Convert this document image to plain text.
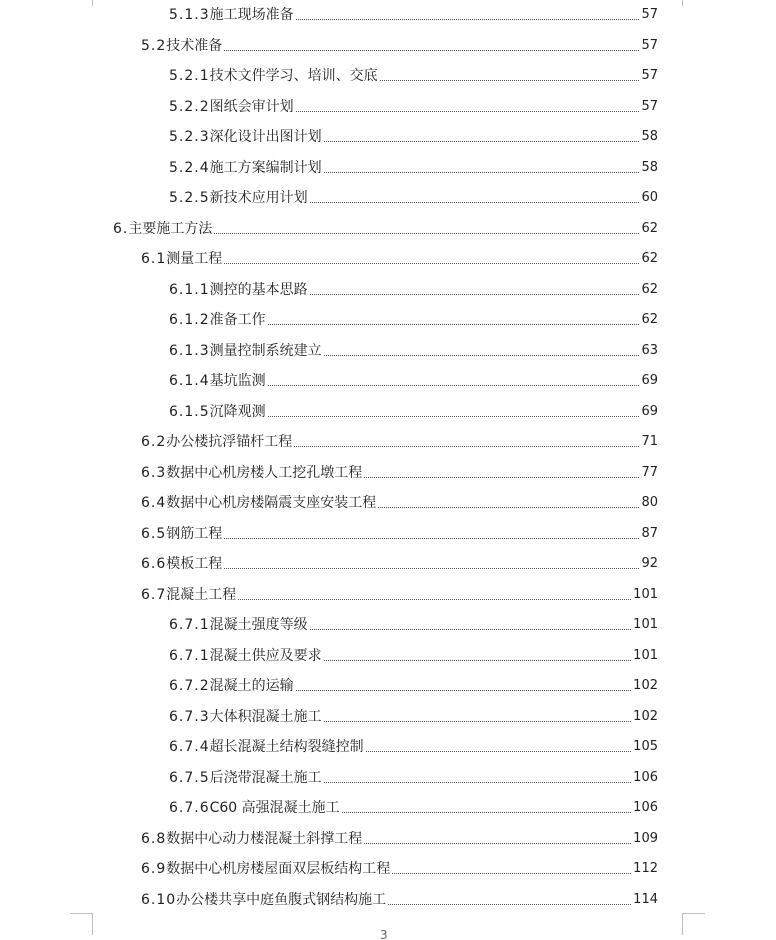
5.1.3 施工现场准备	57
5.2 技术准备	57
5.2.1 技术文件学习、培训、交底	57
5.2.2 图纸会审计划	57
5.2.3 深化设计出图计划	58
5.2.4 施工方案编制计划	58
5.2.5 新技术应用计划	60
6. 主要施工方法	62
6.1 测量工程	62
6.1.1 测控的基本思路	62
6.1.2 准备工作	62
6.1.3 测量控制系统建立	63
6.1.4 基坑监测	69
6.1.5 沉降观测	69
6.2 办公楼抗浮锚杆工程	71
6.3 数据中心机房楼人工挖孔墩工程	77
6.4 数据中心机房楼隔震支座安装工程	80
6.5 钢筋工程	87
6.6 模板工程	92
6.7 混凝土工程	101
6.7.1 混凝土强度等级	101
6.7.1 混凝土供应及要求	101
6.7.2 混凝土的运输	102
6.7.3 大体积混凝土施工	102
6.7.4 超长混凝土结构裂缝控制	105
6.7.5 后浇带混凝土施工	106
6.7.6 C60 高强混凝土施工	106
6.8 数据中心动力楼混凝土斜撑工程	109
6.9 数据中心机房楼屋面双层板结构工程	112
6.10 办公楼共享中庭鱼腹式钢结构施工	114
3
